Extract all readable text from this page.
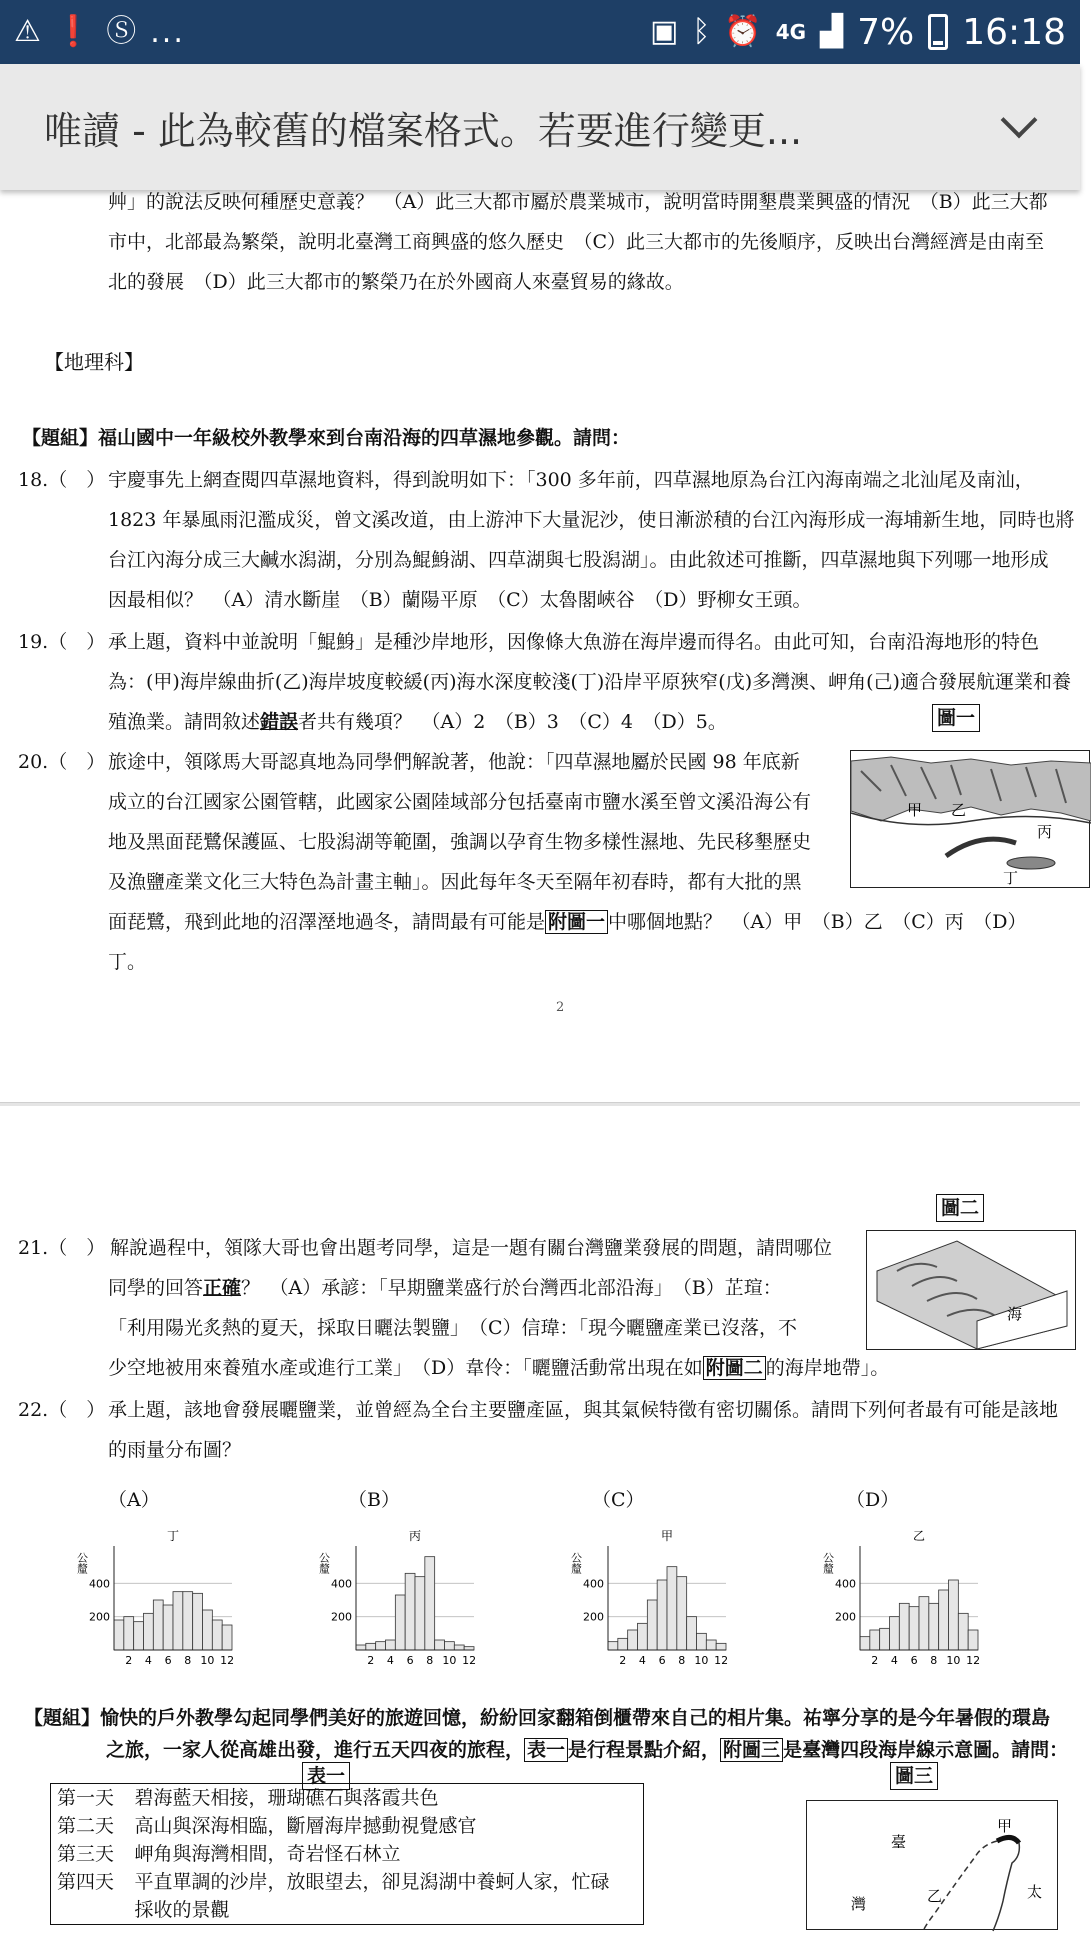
⚠ ❗ Ⓢ ...	▣ ᛒ ⏰ 4G ▟ 7% 16:18
唯讀 - 此為較舊的檔案格式。若要進行變更...
艸」的說法反映何種歷史意義？　（A）此三大都市屬於農業城市，說明當時開墾農業興盛的情況　（B）此三大都
市中，北部最為繁榮，說明北臺灣工商興盛的悠久歷史　（C）此三大都市的先後順序，反映出台灣經濟是由南至
北的發展　（D）此三大都市的繁榮乃在於外國商人來臺貿易的緣故。
【地理科】
【題組】福山國中一年級校外教學來到台南沿海的四草濕地參觀。請問：
18.（　） 宇慶事先上網查閱四草濕地資料，得到說明如下：「300 多年前，四草濕地原為台江內海南端之北汕尾及南汕，
1823 年暴風雨氾濫成災，曾文溪改道，由上游沖下大量泥沙，使日漸淤積的台江內海形成一海埔新生地，同時也將
台江內海分成三大鹹水潟湖，分別為鯤鯓湖、四草湖與七股潟湖」。由此敘述可推斷，四草濕地與下列哪一地形成
因最相似？　（A）清水斷崖　（B）蘭陽平原　（C）太魯閣峽谷　（D）野柳女王頭。
19.（　） 承上題，資料中並說明「鯤鯓」是種沙岸地形，因像條大魚游在海岸邊而得名。由此可知，台南沿海地形的特色
為：(甲)海岸線曲折(乙)海岸坡度較緩(丙)海水深度較淺(丁)沿岸平原狹窄(戊)多灣澳、岬角(己)適合發展航運業和養
殖漁業。請問敘述錯誤者共有幾項？　（A）2　（B）3　（C）4　（D）5。	圖一
20.（　） 旅途中，領隊馬大哥認真地為同學們解說著，他說：「四草濕地屬於民國 98 年底新
成立的台江國家公園管轄，此國家公園陸域部分包括臺南市鹽水溪至曾文溪沿海公有
地及黑面琵鷺保護區、七股潟湖等範圍，強調以孕育生物多樣性濕地、先民移墾歷史
及漁鹽產業文化三大特色為計畫主軸」。因此每年冬天至隔年初春時，都有大批的黑
面琵鷺，飛到此地的沼澤溼地過冬，請問最有可能是 附圖一 中哪個地點？　（A）甲　（B）乙　（C）丙　（D）
丁。
甲 乙
丙
丁
2
圖二
海
21.（　） 解說過程中，領隊大哥也會出題考同學，這是一題有關台灣鹽業發展的問題，請問哪位
同學的回答正確？　（A）承諺：「早期鹽業盛行於台灣西北部沿海」　（B）芷瑄：
「利用陽光炙熱的夏天，採取日曬法製鹽」　（C）信瑋：「現今曬鹽產業已沒落，不
少空地被用來養殖水產或進行工業」　（D）韋伶：「曬鹽活動常出現在如 附圖二 的海岸地帶」。
22.（　） 承上題，該地會發展曬鹽業，並曾經為全台主要鹽產區，與其氣候特徵有密切關係。請問下列何者最有可能是該地
的雨量分布圖？
（A）	（B）	（C）	（D）
公釐
丁
200
400
2 4 6 8 10 12
公釐
丙
200
400
2 4 6 8 10 12
公釐
甲
200
400
2 4 6 8 10 12
公釐
乙
200
400
2 4 6 8 10 12
【題組】愉快的戶外教學勾起同學們美好的旅遊回憶，紛紛回家翻箱倒櫃帶來自己的相片集。祐寧分享的是今年暑假的環島
之旅，一家人從高雄出發，進行五天四夜的旅程， 表一 是行程景點介紹， 附圖三 是臺灣四段海岸線示意圖。請問：
表一	圖三
第一天	碧海藍天相接，珊瑚礁石與落霞共色
第二天	高山與深海相臨，斷層海岸撼動視覺感官
第三天	岬角與海灣相間，奇岩怪石林立
第四天	平直單調的沙岸，放眼望去，卻見潟湖中養蚵人家，忙碌
	採收的景觀
臺
甲
灣	乙	太
